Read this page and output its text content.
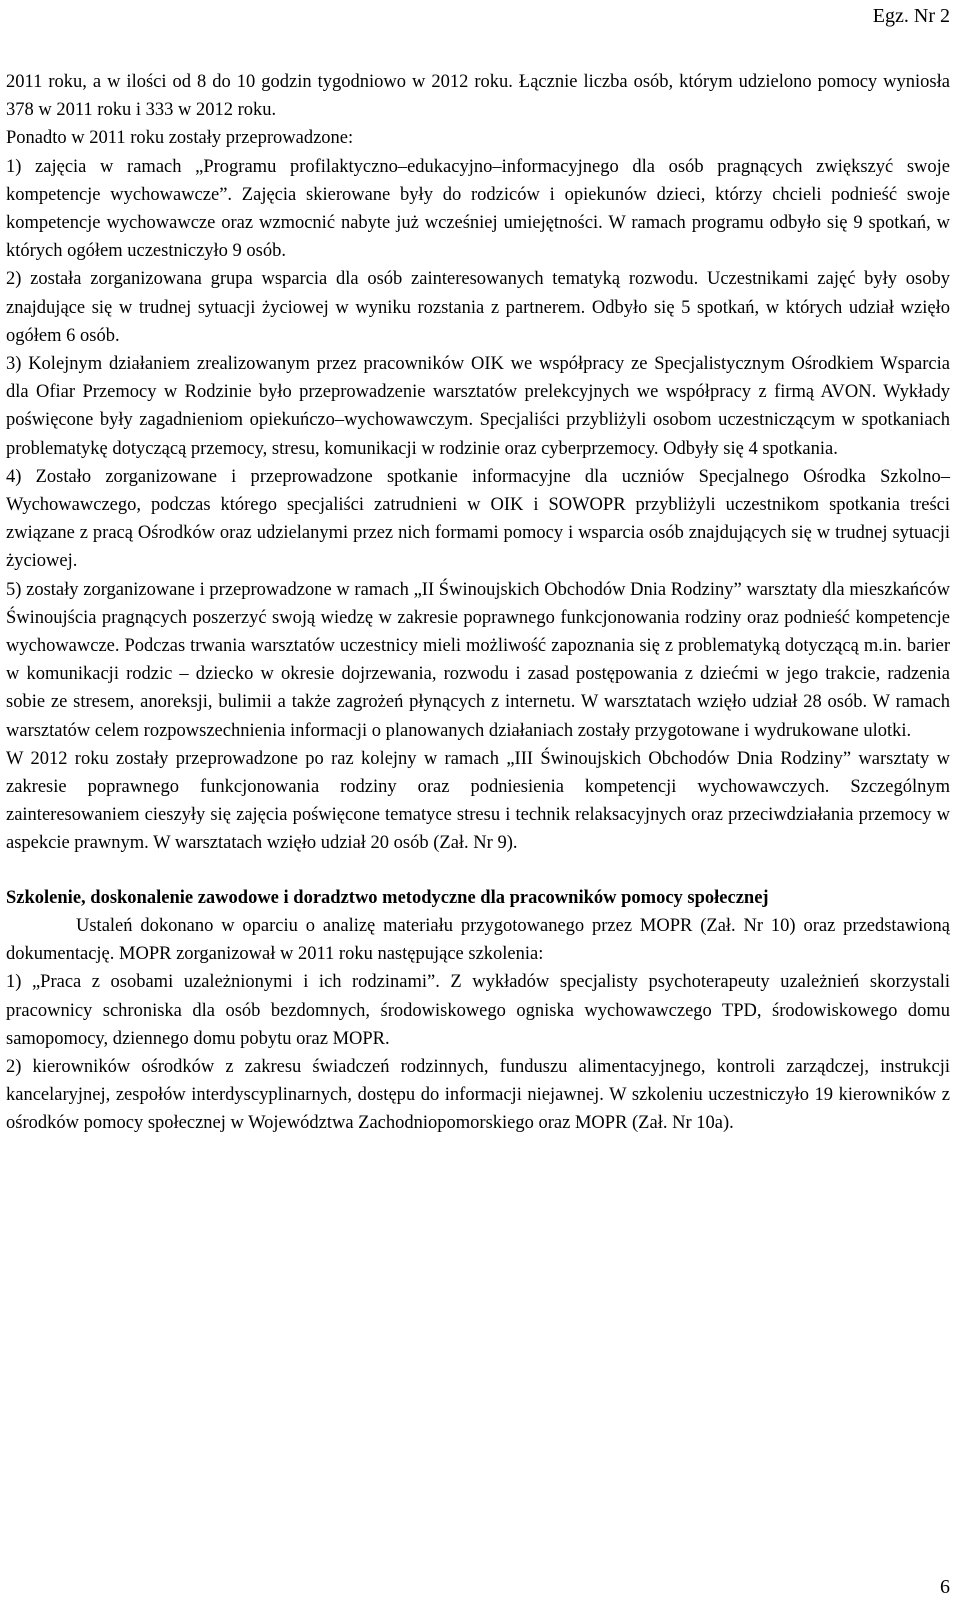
Egz. Nr 2

2011 roku, a w ilości od 8 do 10 godzin tygodniowo w 2012 roku. Łącznie liczba osób, którym udzielono pomocy wyniosła 378 w 2011 roku i 333 w 2012 roku.

Ponadto w 2011 roku zostały przeprowadzone:

1) zajęcia w ramach „Programu profilaktyczno–edukacyjno–informacyjnego dla osób pragnących zwiększyć swoje kompetencje wychowawcze”. Zajęcia skierowane były do rodziców i opiekunów dzieci, którzy chcieli podnieść swoje kompetencje wychowawcze oraz wzmocnić nabyte już wcześniej umiejętności. W ramach programu odbyło się 9 spotkań, w których ogółem uczestniczyło 9 osób.

2) została zorganizowana grupa wsparcia dla osób zainteresowanych tematyką rozwodu. Uczestnikami zajęć były osoby znajdujące się w trudnej sytuacji życiowej w wyniku rozstania z partnerem. Odbyło się 5 spotkań, w których udział wzięło ogółem 6 osób.

3) Kolejnym działaniem zrealizowanym przez pracowników OIK we współpracy ze Specjalistycznym Ośrodkiem Wsparcia dla Ofiar Przemocy w Rodzinie było przeprowadzenie warsztatów prelekcyjnych we współpracy z firmą AVON. Wykłady poświęcone były zagadnieniom opiekuńczo–wychowawczym. Specjaliści przybliżyli osobom uczestniczącym w spotkaniach problematykę dotyczącą przemocy, stresu, komunikacji w rodzinie oraz cyberprzemocy. Odbyły się 4 spotkania.

4) Zostało zorganizowane i przeprowadzone spotkanie informacyjne dla uczniów Specjalnego Ośrodka Szkolno–Wychowawczego, podczas którego specjaliści zatrudnieni w OIK i SOWOPR przybliżyli uczestnikom spotkania treści związane z pracą Ośrodków oraz udzielanymi przez nich formami pomocy i wsparcia osób znajdujących się w trudnej sytuacji życiowej.

5) zostały zorganizowane i przeprowadzone w ramach „II Świnoujskich Obchodów Dnia Rodziny” warsztaty dla mieszkańców Świnoujścia pragnących poszerzyć swoją wiedzę w zakresie poprawnego funkcjonowania rodziny oraz podnieść kompetencje wychowawcze. Podczas trwania warsztatów uczestnicy mieli możliwość zapoznania się z problematyką dotyczącą m.in. barier w komunikacji rodzic – dziecko w okresie dojrzewania, rozwodu i zasad postępowania z dziećmi w jego trakcie, radzenia sobie ze stresem, anoreksji, bulimii a także zagrożeń płynących z internetu. W warsztatach wzięło udział 28 osób. W ramach warsztatów celem rozpowszechnienia informacji o planowanych działaniach zostały przygotowane i wydrukowane ulotki.

W 2012 roku zostały przeprowadzone po raz kolejny w ramach „III Świnoujskich Obchodów Dnia Rodziny” warsztaty w zakresie poprawnego funkcjonowania rodziny oraz podniesienia kompetencji wychowawczych. Szczególnym zainteresowaniem cieszyły się zajęcia poświęcone tematyce stresu i technik relaksacyjnych oraz przeciwdziałania przemocy w aspekcie prawnym. W warsztatach wzięło udział 20 osób (Zał. Nr 9).

Szkolenie, doskonalenie zawodowe i doradztwo metodyczne dla pracowników pomocy społecznej

Ustaleń dokonano w oparciu o analizę materiału przygotowanego przez MOPR (Zał. Nr 10) oraz przedstawioną dokumentację. MOPR zorganizował w 2011 roku następujące szkolenia:

1) „Praca z osobami uzależnionymi i ich rodzinami”. Z wykładów specjalisty psychoterapeuty uzależnień skorzystali pracownicy schroniska dla osób bezdomnych, środowiskowego ogniska wychowawczego TPD, środowiskowego domu samopomocy, dziennego domu pobytu oraz MOPR.

2) kierowników ośrodków z zakresu świadczeń rodzinnych, funduszu alimentacyjnego, kontroli zarządczej, instrukcji kancelaryjnej, zespołów interdyscyplinarnych, dostępu do informacji niejawnej. W szkoleniu uczestniczyło 19 kierowników z ośrodków pomocy społecznej w Województwa Zachodniopomorskiego oraz MOPR (Zał. Nr 10a).

6
